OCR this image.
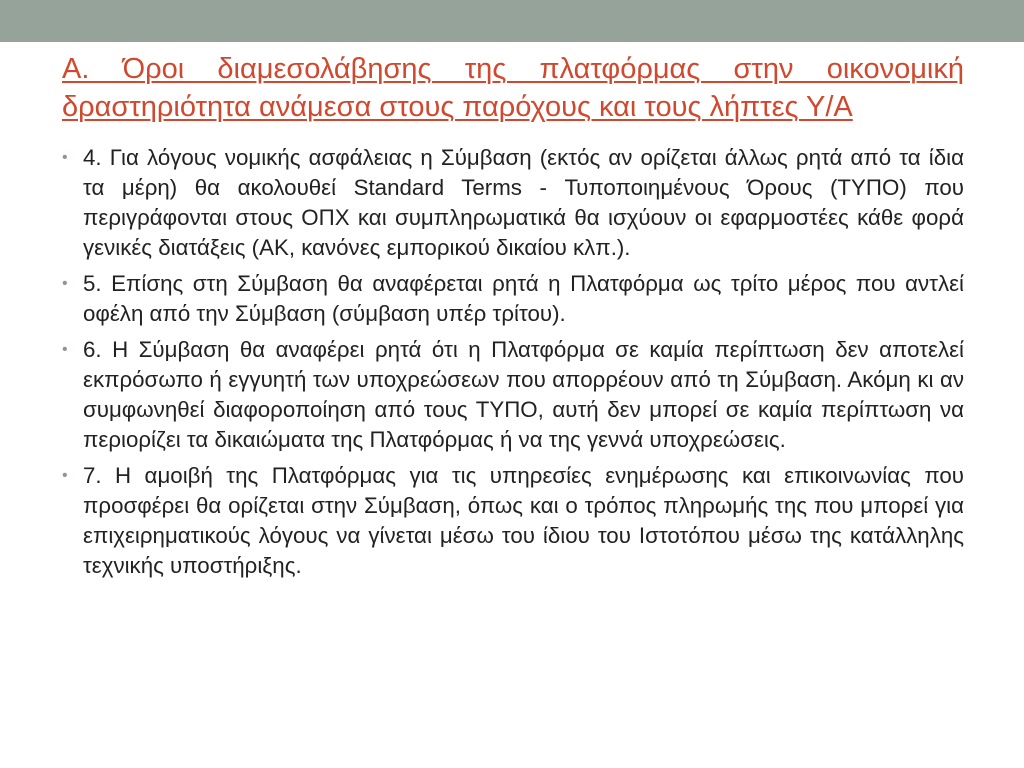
Α. Όροι διαμεσολάβησης της πλατφόρμας στην οικονομική
δραστηριότητα ανάμεσα στους παρόχους και τους λήπτες Υ/Α
• 4. Για λόγους νομικής ασφάλειας η Σύμβαση (εκτός αν ορίζεται άλλως ρητά από τα ίδια τα μέρη) θα ακολουθεί Standard Terms - Τυποποιημένους Όρους (ΤΥΠΟ) που περιγράφονται στους ΟΠΧ και συμπληρωματικά θα ισχύουν οι εφαρμοστέες κάθε φορά γενικές διατάξεις (ΑΚ, κανόνες εμπορικού δικαίου κλπ.).
• 5. Επίσης στη Σύμβαση θα αναφέρεται ρητά η Πλατφόρμα ως τρίτο μέρος που αντλεί οφέλη από την Σύμβαση (σύμβαση υπέρ τρίτου).
• 6. Η Σύμβαση θα αναφέρει ρητά ότι η Πλατφόρμα σε καμία περίπτωση δεν αποτελεί εκπρόσωπο ή εγγυητή των υποχρεώσεων που απορρέουν από τη Σύμβαση. Ακόμη κι αν συμφωνηθεί διαφοροποίηση από τους ΤΥΠΟ, αυτή δεν μπορεί σε καμία περίπτωση να περιορίζει τα δικαιώματα της Πλατφόρμας ή να της γεννά υποχρεώσεις.
• 7. Η αμοιβή της Πλατφόρμας για τις υπηρεσίες ενημέρωσης και επικοινωνίας που προσφέρει θα ορίζεται στην Σύμβαση, όπως και ο τρόπος πληρωμής της που μπορεί για επιχειρηματικούς λόγους να γίνεται μέσω του ίδιου του Ιστοτόπου μέσω της κατάλληλης τεχνικής υποστήριξης.
